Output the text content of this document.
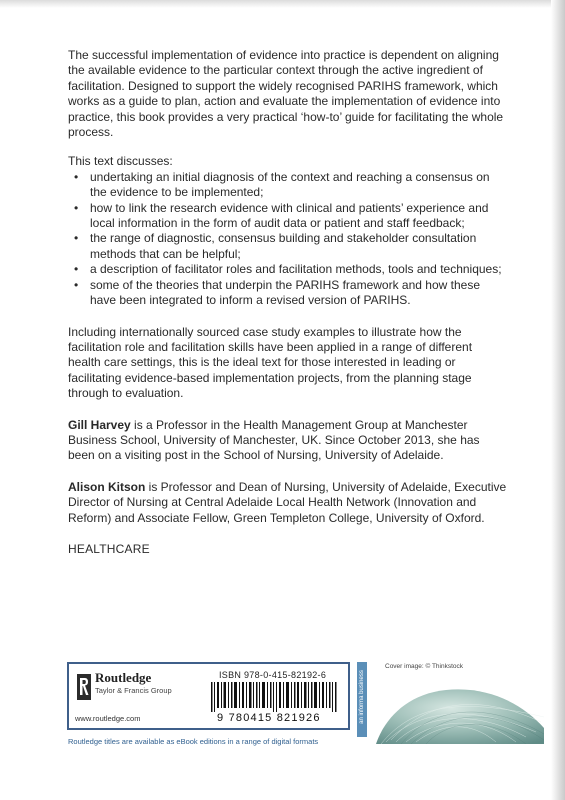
The successful implementation of evidence into practice is dependent on aligning the available evidence to the particular context through the active ingredient of facilitation. Designed to support the widely recognised PARIHS framework, which works as a guide to plan, action and evaluate the implementation of evidence into practice, this book provides a very practical ‘how-to’ guide for facilitating the whole process.

This text discusses:

• undertaking an initial diagnosis of the context and reaching a consensus on the evidence to be implemented;
• how to link the research evidence with clinical and patients’ experience and local information in the form of audit data or patient and staff feedback;
• the range of diagnostic, consensus building and stakeholder consultation methods that can be helpful;
• a description of facilitator roles and facilitation methods, tools and techniques;
• some of the theories that underpin the PARIHS framework and how these have been integrated to inform a revised version of PARIHS.

Including internationally sourced case study examples to illustrate how the facilitation role and facilitation skills have been applied in a range of different health care settings, this is the ideal text for those interested in leading or facilitating evidence-based implementation projects, from the planning stage through to evaluation.

Gill Harvey is a Professor in the Health Management Group at Manchester Business School, University of Manchester, UK. Since October 2013, she has been on a visiting post in the School of Nursing, University of Adelaide.

Alison Kitson is Professor and Dean of Nursing, University of Adelaide, Executive Director of Nursing at Central Adelaide Local Health Network (Innovation and Reform) and Associate Fellow, Green Templeton College, University of Oxford.

HEALTHCARE

Routledge
Taylor & Francis Group
www.routledge.com
ISBN 978-0-415-82192-6
9 780415 821926	an informa business
Cover image: © Thinkstock
Routledge titles are available as eBook editions in a range of digital formats
